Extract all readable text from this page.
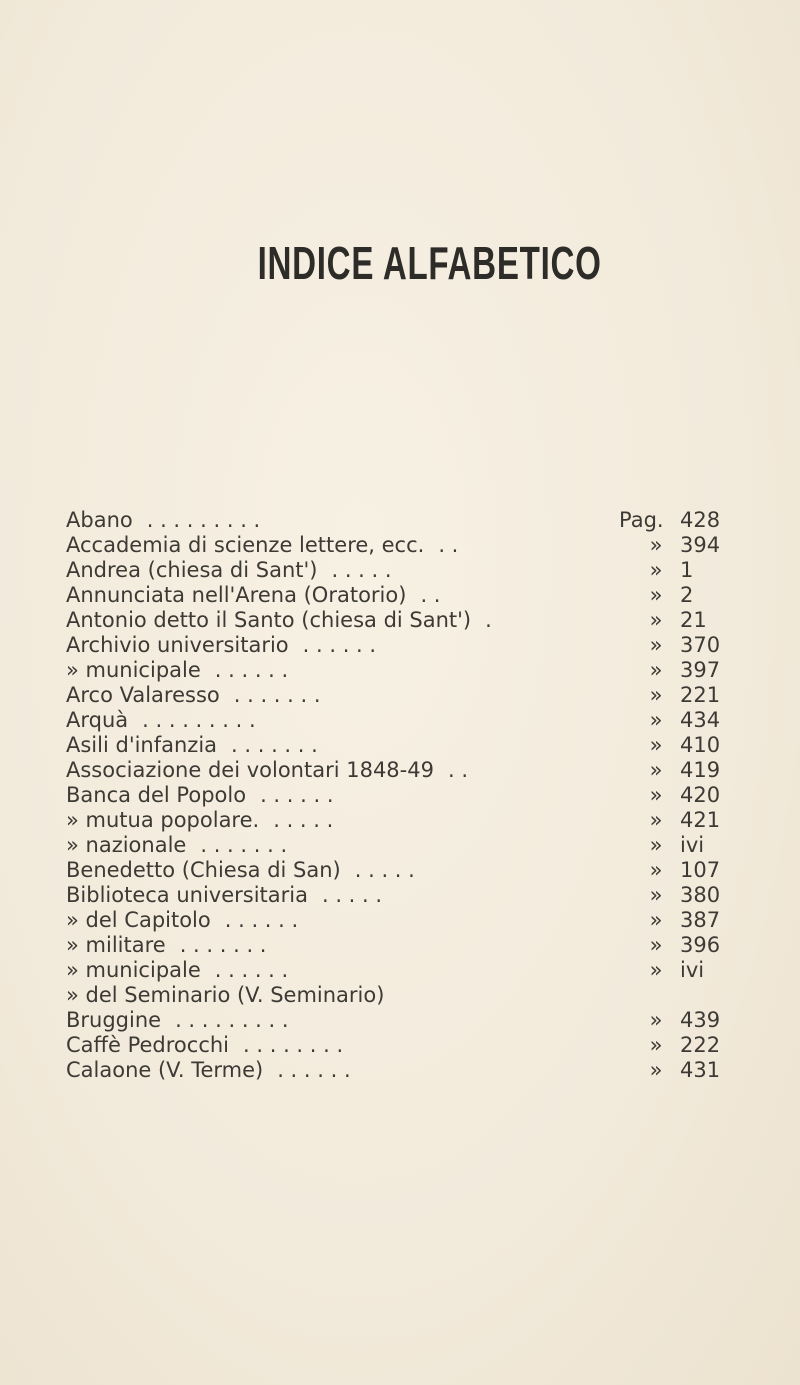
INDICE ALFABETICO
Abano . . . . . . . . .	Pag. 428
Accademia di scienze lettere, ecc. . .	» 394
Andrea (chiesa di Sant') . . . . .	» 1
Annunciata nell'Arena (Oratorio) . .	» 2
Antonio detto il Santo (chiesa di Sant') .	» 21
Archivio universitario . . . . . .	» 370
» municipale . . . . . .	» 397
Arco Valaresso . . . . . . .	» 221
Arquà . . . . . . . . .	» 434
Asili d'infanzia . . . . . . .	» 410
Associazione dei volontari 1848-49 . .	» 419
Banca del Popolo . . . . . .	» 420
» mutua popolare. . . . . .	» 421
» nazionale . . . . . . .	» ivi
Benedetto (Chiesa di San) . . . . .	» 107
Biblioteca universitaria . . . . .	» 380
» del Capitolo . . . . . .	» 387
» militare . . . . . . .	» 396
» municipale . . . . . .	» ivi
» del Seminario (V. Seminario)
Bruggine . . . . . . . . .	» 439
Caffè Pedrocchi . . . . . . . .	» 222
Calaone (V. Terme) . . . . . .	» 431
